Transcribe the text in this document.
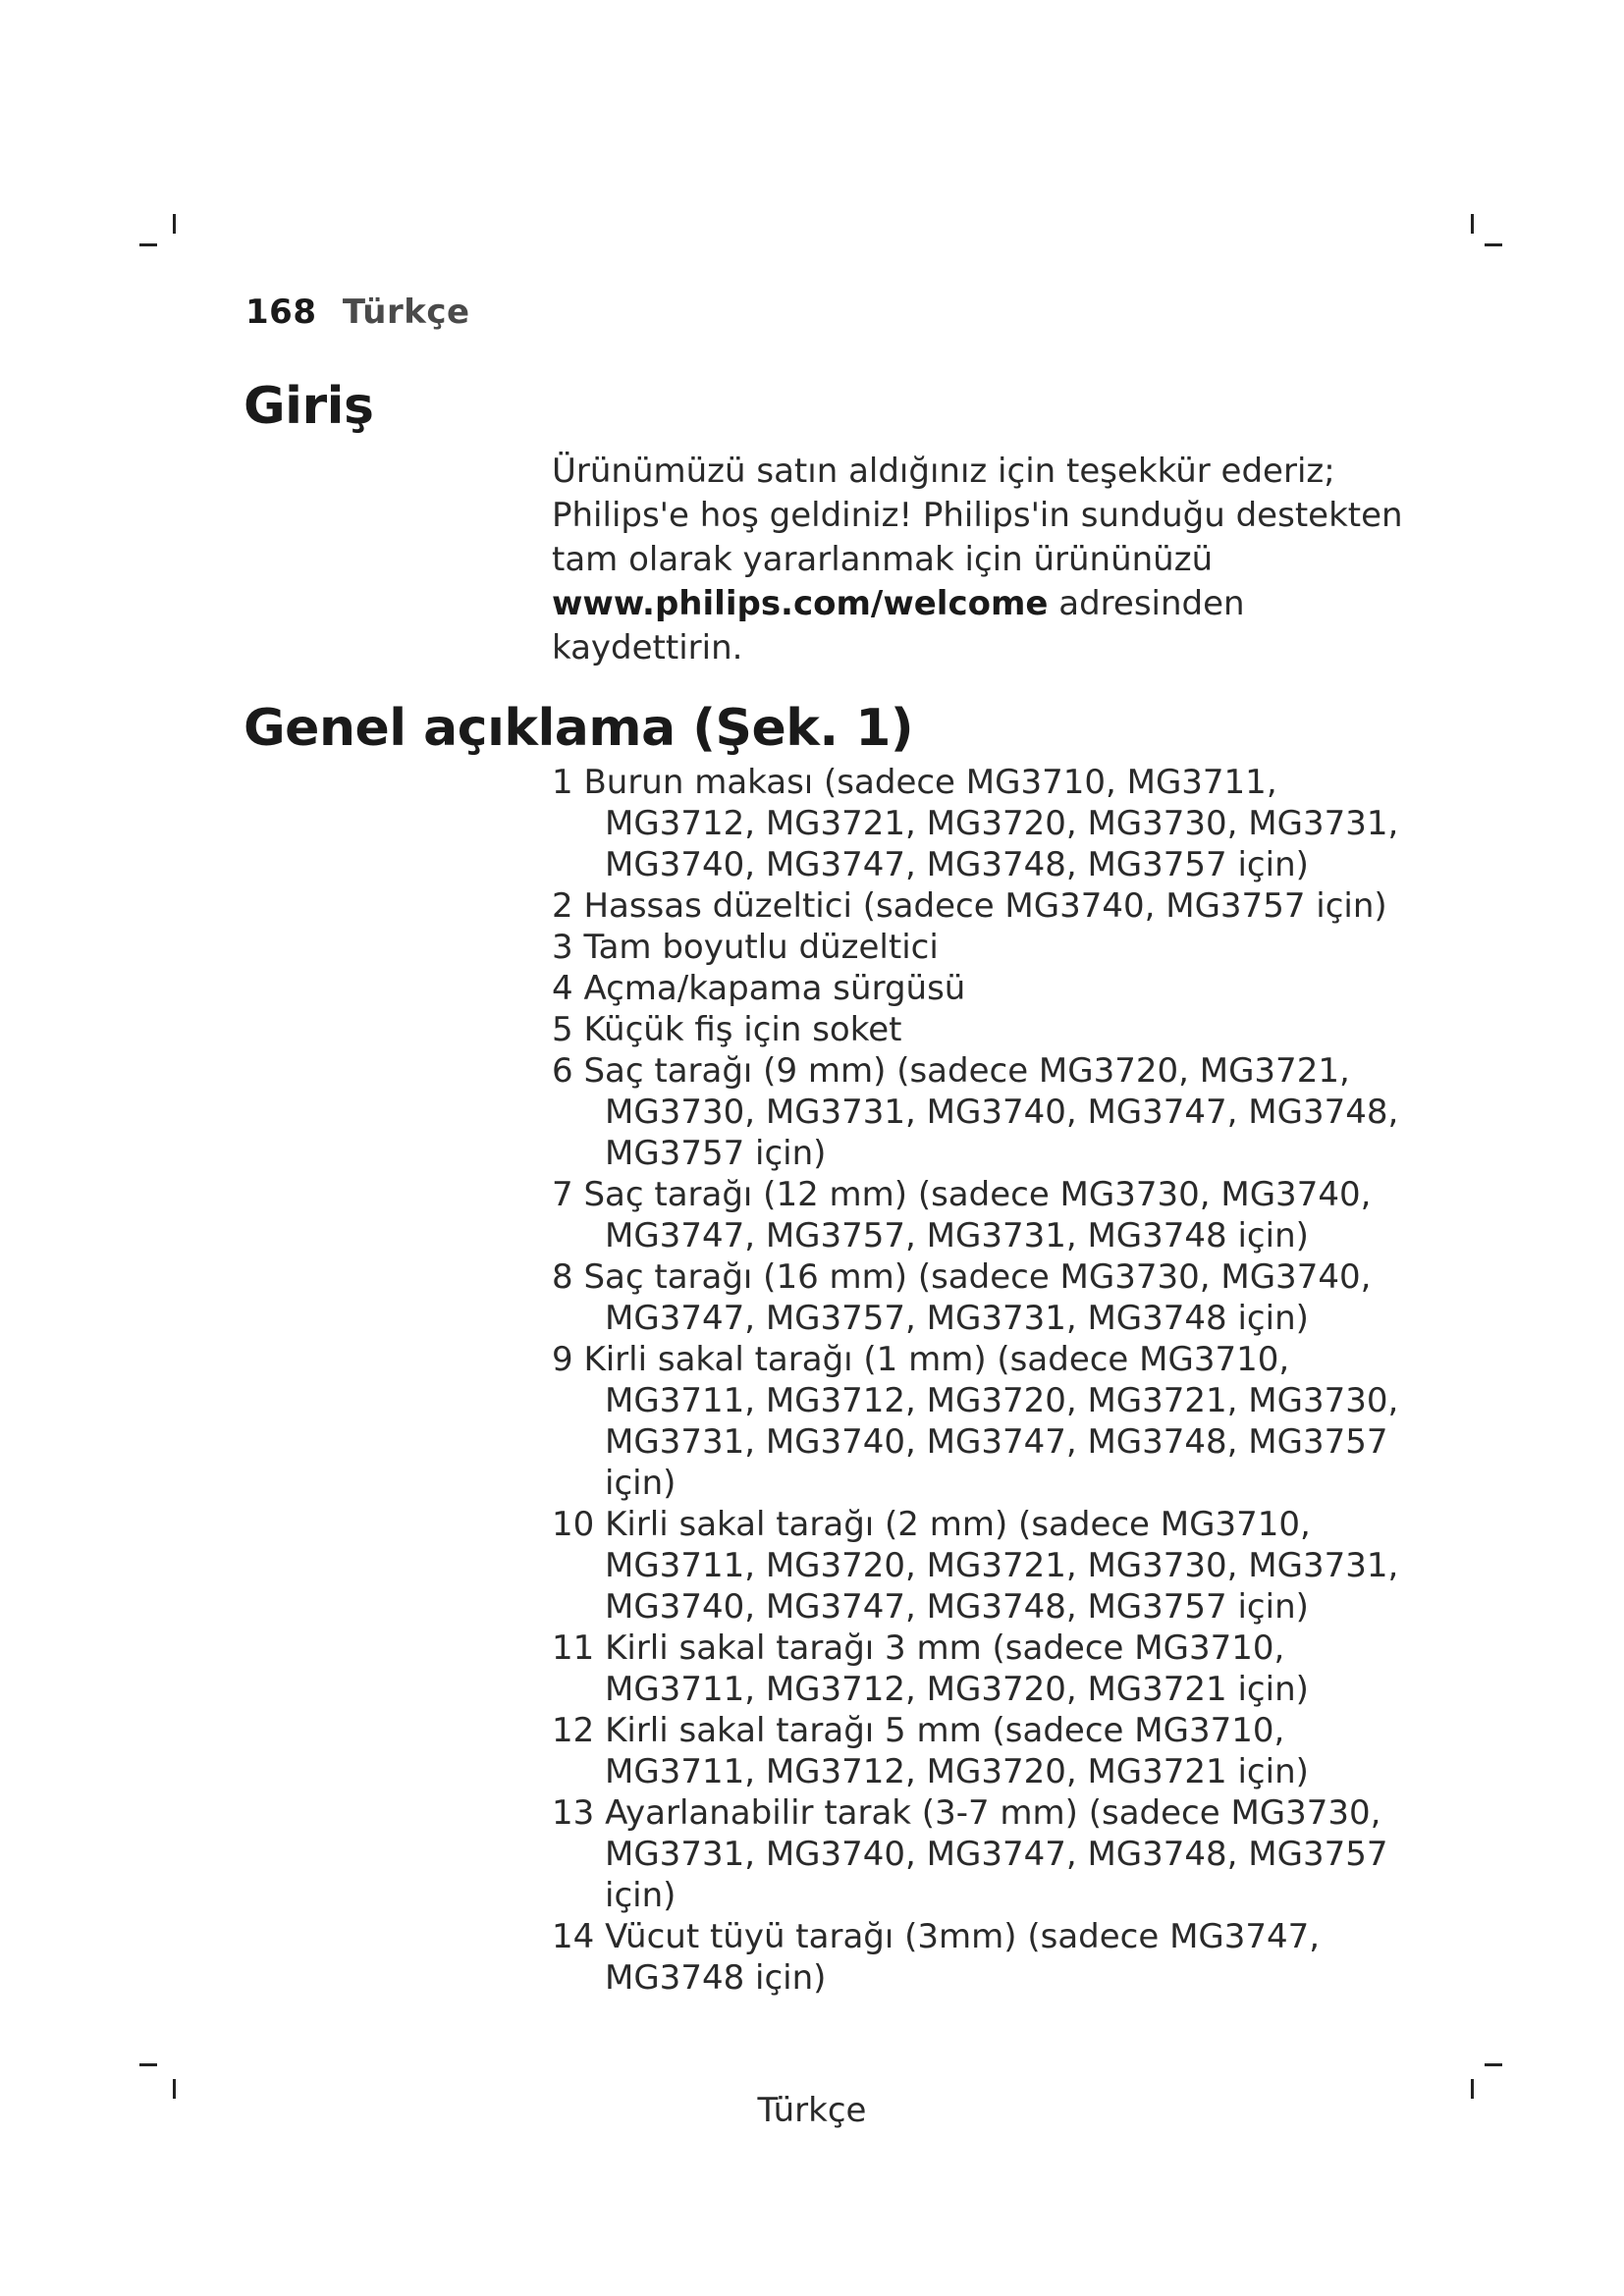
168 Türkçe
Giriş
Ürünümüzü satın aldığınız için teşekkür ederiz; Philips'e hoş geldiniz! Philips'in sunduğu destekten tam olarak yararlanmak için ürününüzü www.philips.com/welcome adresinden kaydettirin.
Genel açıklama (Şek. 1)
1 Burun makası (sadece MG3710, MG3711, MG3712, MG3721, MG3720, MG3730, MG3731, MG3740, MG3747, MG3748, MG3757 için)
2 Hassas düzeltici (sadece MG3740, MG3757 için)
3 Tam boyutlu düzeltici
4 Açma/kapama sürgüsü
5 Küçük fiş için soket
6 Saç tarağı (9 mm) (sadece MG3720, MG3721, MG3730, MG3731, MG3740, MG3747, MG3748, MG3757 için)
7 Saç tarağı (12 mm) (sadece MG3730, MG3740, MG3747, MG3757, MG3731, MG3748 için)
8 Saç tarağı (16 mm) (sadece MG3730, MG3740, MG3747, MG3757, MG3731, MG3748 için)
9 Kirli sakal tarağı (1 mm) (sadece MG3710, MG3711, MG3712, MG3720, MG3721, MG3730, MG3731, MG3740, MG3747, MG3748, MG3757 için)
10 Kirli sakal tarağı (2 mm) (sadece MG3710, MG3711, MG3720, MG3721, MG3730, MG3731, MG3740, MG3747, MG3748, MG3757 için)
11 Kirli sakal tarağı 3 mm (sadece MG3710, MG3711, MG3712, MG3720, MG3721 için)
12 Kirli sakal tarağı 5 mm (sadece MG3710, MG3711, MG3712, MG3720, MG3721 için)
13 Ayarlanabilir tarak (3-7 mm) (sadece MG3730, MG3731, MG3740, MG3747, MG3748, MG3757 için)
14 Vücut tüyü tarağı (3mm) (sadece MG3747, MG3748 için)
Türkçe
